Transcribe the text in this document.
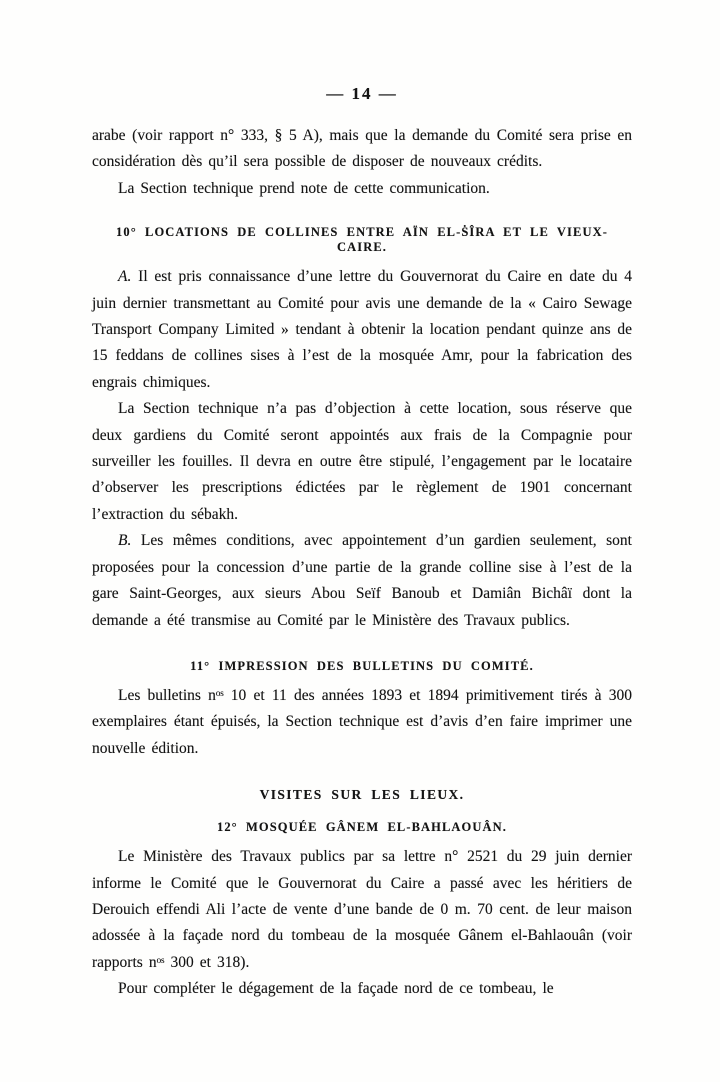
— 14 —

arabe (voir rapport n° 333, § 5 A), mais que la demande du Comité sera prise en considération dès qu’il sera possible de disposer de nouveaux crédits.

La Section technique prend note de cette communication.

10° LOCATIONS DE COLLINES ENTRE AÏN EL-ṠÎRA ET LE VIEUX-CAIRE.

A. Il est pris connaissance d’une lettre du Gouvernorat du Caire en date du 4 juin dernier transmettant au Comité pour avis une demande de la « Cairo Sewage Transport Company Limited » tendant à obtenir la location pendant quinze ans de 15 feddans de collines sises à l’est de la mosquée Amr, pour la fabrication des engrais chimiques.

La Section technique n’a pas d’objection à cette location, sous réserve que deux gardiens du Comité seront appointés aux frais de la Compagnie pour surveiller les fouilles. Il devra en outre être stipulé, l’engagement par le locataire d’observer les prescriptions édictées par le règlement de 1901 concernant l’extraction du sébakh.

B. Les mêmes conditions, avec appointement d’un gardien seulement, sont proposées pour la concession d’une partie de la grande colline sise à l’est de la gare Saint-Georges, aux sieurs Abou Seïf Banoub et Damiân Bichâï dont la demande a été transmise au Comité par le Ministère des Travaux publics.

11° IMPRESSION DES BULLETINS DU COMITÉ.

Les bulletins nᵒˢ 10 et 11 des années 1893 et 1894 primitivement tirés à 300 exemplaires étant épuisés, la Section technique est d’avis d’en faire imprimer une nouvelle édition.

VISITES SUR LES LIEUX.
12° MOSQUÉE GÂNEM EL-BAHLAOUÂN.

Le Ministère des Travaux publics par sa lettre n° 2521 du 29 juin dernier informe le Comité que le Gouvernorat du Caire a passé avec les héritiers de Derouich effendi Ali l’acte de vente d’une bande de 0 m. 70 cent. de leur maison adossée à la façade nord du tombeau de la mosquée Gânem el-Bahlaouân (voir rapports nᵒˢ 300 et 318).

Pour compléter le dégagement de la façade nord de ce tombeau, le
